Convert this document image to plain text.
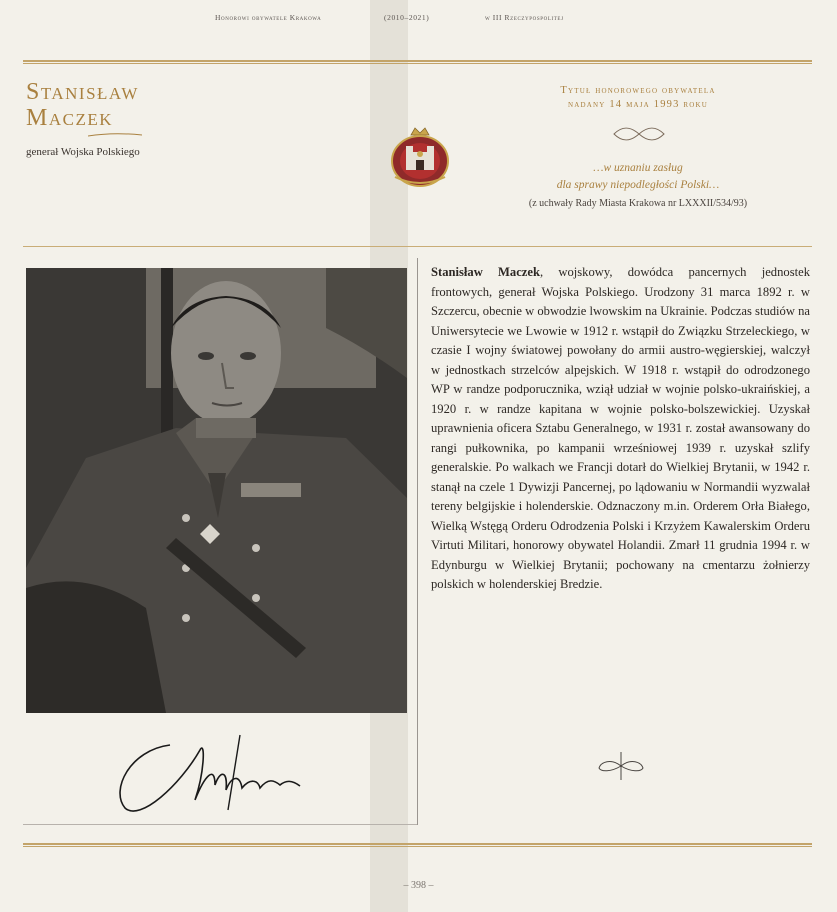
Honorowi obywatele Krakowa	(2010–2021)	w III Rzeczypospolitej
Stanisław
Maczek
generał Wojska Polskiego
Tytuł honorowego obywatela
nadany 14 maja 1993 roku
…w uznaniu zasług
dla sprawy niepodległości Polski…
(z uchwały Rady Miasta Krakowa nr LXXXII/534/93)
Stanisław Maczek, wojskowy, dowódca pancernych jednostek frontowych, generał Wojska Polskiego. Urodzony 31 marca 1892 r. w Szczercu, obecnie w obwodzie lwowskim na Ukrainie. Podczas studiów na Uniwersytecie we Lwowie w 1912 r. wstąpił do Związku Strzeleckiego, w czasie I wojny światowej powołany do armii austro-węgierskiej, walczył w jednostkach strzelców alpejskich. W 1918 r. wstąpił do odrodzonego WP w randze podporucznika, wziął udział w wojnie polsko-ukraińskiej, a 1920 r. w randze kapitana w wojnie polsko-bolszewickiej. Uzyskał uprawnienia oficera Sztabu Generalnego, w 1931 r. został awansowany do rangi pułkownika, po kampanii wrześniowej 1939 r. uzyskał szlify generalskie. Po walkach we Francji dotarł do Wielkiej Brytanii, w 1942 r. stanął na czele 1 Dywizji Pancernej, po lądowaniu w Normandii wyzwalał tereny belgijskie i holenderskie. Odznaczony m.in. Orderem Orła Białego, Wielką Wstęgą Orderu Odrodzenia Polski i Krzyżem Kawalerskim Orderu Virtuti Militari, honorowy obywatel Holandii. Zmarł 11 grudnia 1994 r. w Edynburgu w Wielkiej Brytanii; pochowany na cmentarzu żołnierzy polskich w holenderskiej Bredzie.
– 398 –
